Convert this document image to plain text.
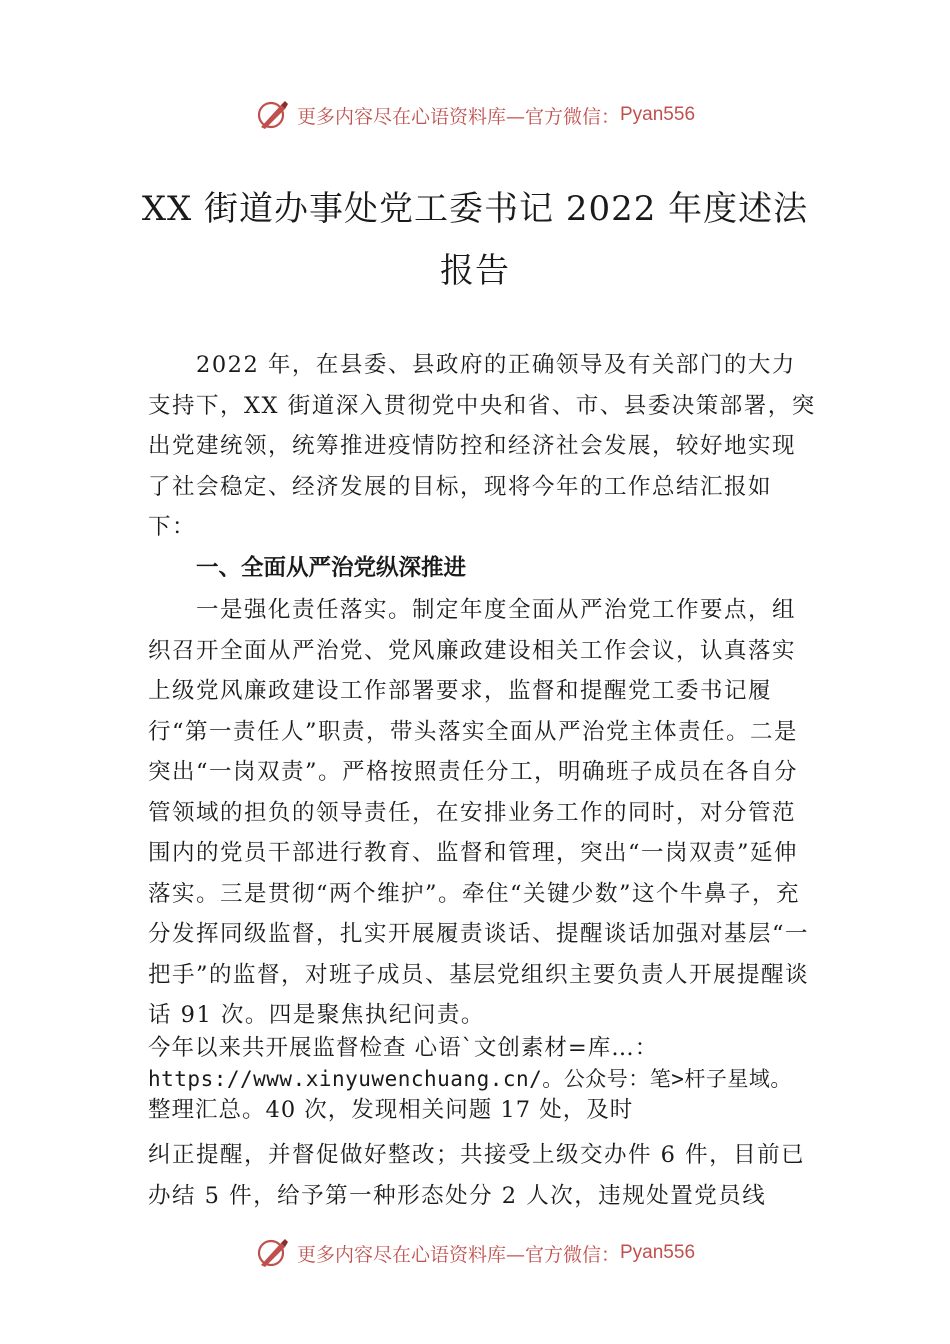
更多内容尽在心语资料库—官方微信： Pyan556
XX 街道办事处党工委书记 2022 年度述法
报告

2022 年，在县委、县政府的正确领导及有关部门的大力支持下，XX 街道深入贯彻党中央和省、市、县委决策部署，突出党建统领，统筹推进疫情防控和经济社会发展，较好地实现了社会稳定、经济发展的目标，现将今年的工作总结汇报如下：

一、全面从严治党纵深推进

一是强化责任落实。制定年度全面从严治党工作要点，组织召开全面从严治党、党风廉政建设相关工作会议，认真落实上级党风廉政建设工作部署要求，监督和提醒党工委书记履行“第一责任人”职责，带头落实全面从严治党主体责任。二是突出“一岗双责”。严格按照责任分工，明确班子成员在各自分管领域的担负的领导责任，在安排业务工作的同时，对分管范围内的党员干部进行教育、监督和管理，突出“一岗双责”延伸落实。三是贯彻“两个维护”。牵住“关键少数”这个牛鼻子，充分发挥同级监督，扎实开展履责谈话、提醒谈话加强对基层“一把手”的监督，对班子成员、基层党组织主要负责人开展提醒谈话 91 次。四是聚焦执纪问责。

今年以来共开展监督检查 心语`文创素材=库…：
https://www.xinyuwenchuang.cn/。公众号：笔>杆子星域。
整理汇总。40 次，发现相关问题 17 处，及时

纠正提醒，并督促做好整改；共接受上级交办件 6 件，目前已办结 5 件，给予第一种形态处分 2 人次，违规处置党员线

更多内容尽在心语资料库—官方微信： Pyan556
